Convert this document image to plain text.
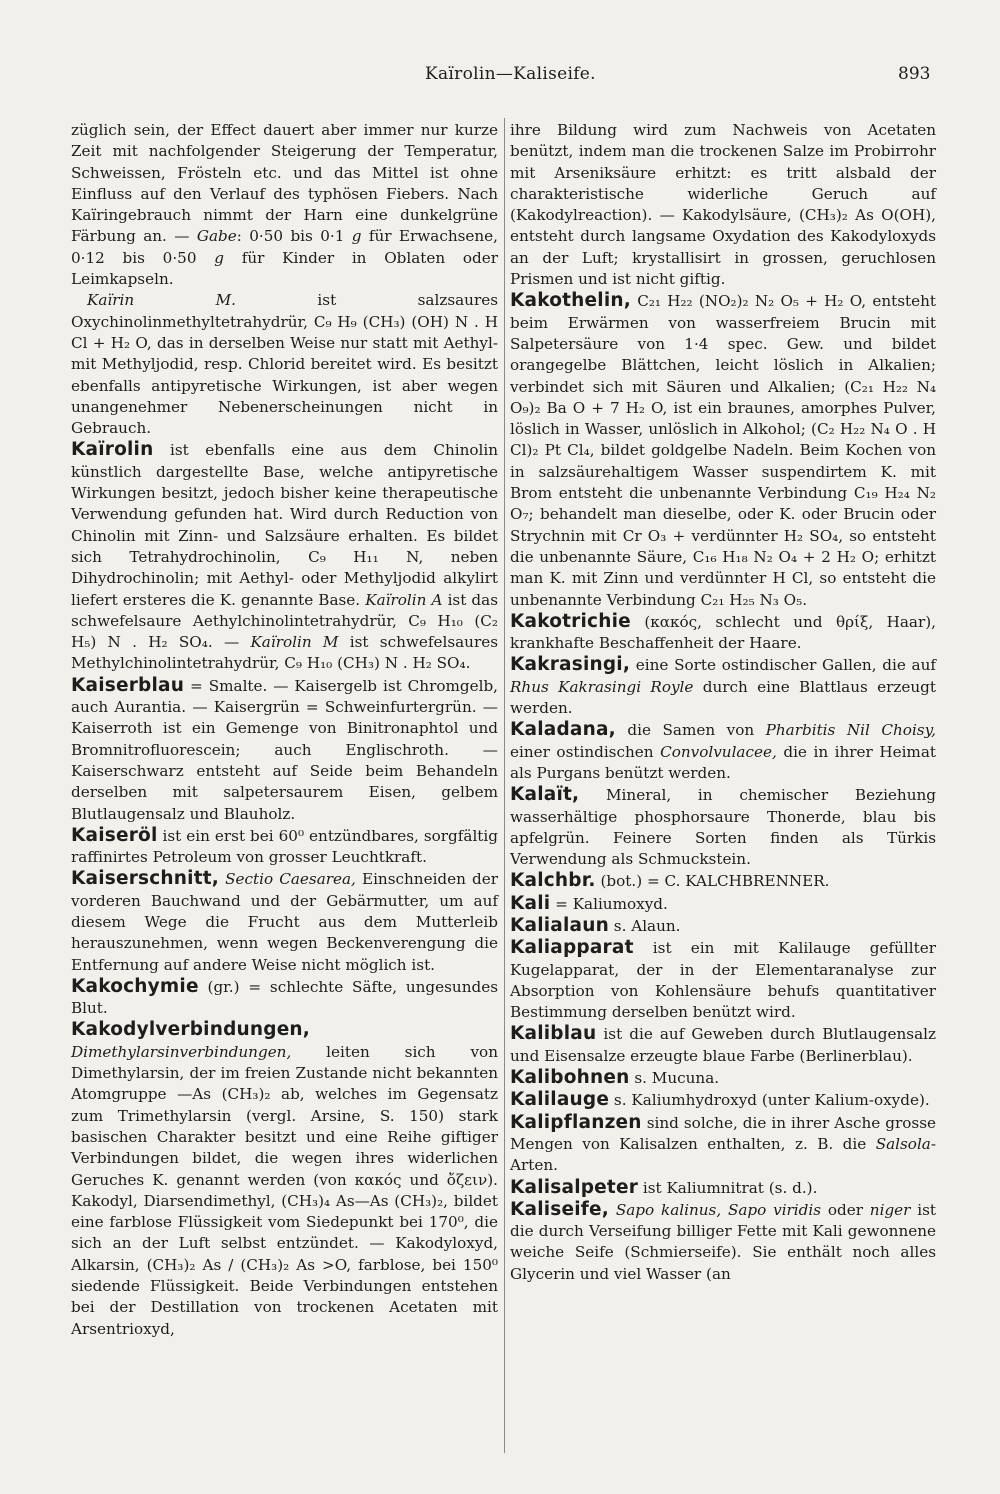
Kaïrolin—Kaliseife.	893

züglich sein, der Effect dauert aber immer nur kurze Zeit mit nachfolgender Steigerung der Temperatur, Schweissen, Frösteln etc. und das Mittel ist ohne Einfluss auf den Verlauf des typhösen Fiebers. Nach Kaïringebrauch nimmt der Harn eine dunkelgrüne Färbung an. — Gabe: 0·50 bis 0·1 g für Erwachsene, 0·12 bis 0·50 g für Kinder in Oblaten oder Leimkapseln.

Kaïrin M. ist salzsaures Oxychinolinmethyltetrahydrür, C₉ H₉ (CH₃) (OH) N . H Cl + H₂ O, das in derselben Weise nur statt mit Aethyl- mit Methyljodid, resp. Chlorid bereitet wird. Es besitzt ebenfalls antipyretische Wirkungen, ist aber wegen unangenehmer Nebenerscheinungen nicht in Gebrauch.

Kaïrolin ist ebenfalls eine aus dem Chinolin künstlich dargestellte Base, welche antipyretische Wirkungen besitzt, jedoch bisher keine therapeutische Verwendung gefunden hat. Wird durch Reduction von Chinolin mit Zinn- und Salzsäure erhalten. Es bildet sich Tetrahydrochinolin, C₉ H₁₁ N, neben Dihydrochinolin; mit Aethyl- oder Methyljodid alkylirt liefert ersteres die K. genannte Base. Kaïrolin A ist das schwefelsaure Aethylchinolintetrahydrür, C₉ H₁₀ (C₂ H₅) N . H₂ SO₄. — Kaïrolin M ist schwefelsaures Methylchinolintetrahydrür, C₉ H₁₀ (CH₃) N . H₂ SO₄.

Kaiserblau = Smalte. — Kaisergelb ist Chromgelb, auch Aurantia. — Kaisergrün = Schweinfurtergrün. — Kaiserroth ist ein Gemenge von Binitronaphtol und Bromnitrofluorescein; auch Englischroth. — Kaiserschwarz entsteht auf Seide beim Behandeln derselben mit salpetersaurem Eisen, gelbem Blutlaugensalz und Blauholz.

Kaiseröl ist ein erst bei 60⁰ entzündbares, sorgfältig raffinirtes Petroleum von grosser Leuchtkraft.

Kaiserschnitt, Sectio Caesarea, Einschneiden der vorderen Bauchwand und der Gebärmutter, um auf diesem Wege die Frucht aus dem Mutterleib herauszunehmen, wenn wegen Beckenverengung die Entfernung auf andere Weise nicht möglich ist.

Kakochymie (gr.) = schlechte Säfte, ungesundes Blut.

Kakodylverbindungen, Dimethylarsinverbindungen, leiten sich von Dimethylarsin, der im freien Zustande nicht bekannten Atomgruppe —As (CH₃)₂ ab, welches im Gegensatz zum Trimethylarsin (vergl. Arsine, S. 150) stark basischen Charakter besitzt und eine Reihe giftiger Verbindungen bildet, die wegen ihres widerlichen Geruches K. genannt werden (von κακός und ὄζειν). Kakodyl, Diarsendimethyl, (CH₃)₄ As—As (CH₃)₂, bildet eine farblose Flüssigkeit vom Siedepunkt bei 170⁰, die sich an der Luft selbst entzündet. — Kakodyloxyd, Alkarsin, (CH₃)₂ As / (CH₃)₂ As >O, farblose, bei 150⁰ siedende Flüssigkeit. Beide Verbindungen entstehen bei der Destillation von trockenen Acetaten mit Arsentrioxyd,

ihre Bildung wird zum Nachweis von Acetaten benützt, indem man die trockenen Salze im Probirrohr mit Arseniksäure erhitzt: es tritt alsbald der charakteristische widerliche Geruch auf (Kakodylreaction). — Kakodylsäure, (CH₃)₂ As O(OH), entsteht durch langsame Oxydation des Kakodyloxyds an der Luft; krystallisirt in grossen, geruchlosen Prismen und ist nicht giftig.

Kakothelin, C₂₁ H₂₂ (NO₂)₂ N₂ O₅ + H₂ O, entsteht beim Erwärmen von wasserfreiem Brucin mit Salpetersäure von 1·4 spec. Gew. und bildet orangegelbe Blättchen, leicht löslich in Alkalien; verbindet sich mit Säuren und Alkalien; (C₂₁ H₂₂ N₄ O₉)₂ Ba O + 7 H₂ O, ist ein braunes, amorphes Pulver, löslich in Wasser, unlöslich in Alkohol; (C₂ H₂₂ N₄ O . H Cl)₂ Pt Cl₄, bildet goldgelbe Nadeln. Beim Kochen von in salzsäurehaltigem Wasser suspendirtem K. mit Brom entsteht die unbenannte Verbindung C₁₉ H₂₄ N₂ O₇; behandelt man dieselbe, oder K. oder Brucin oder Strychnin mit Cr O₃ + verdünnter H₂ SO₄, so entsteht die unbenannte Säure, C₁₆ H₁₈ N₂ O₄ + 2 H₂ O; erhitzt man K. mit Zinn und verdünnter H Cl, so entsteht die unbenannte Verbindung C₂₁ H₂₅ N₃ O₅.

Kakotrichie (κακός, schlecht und θρίξ, Haar), krankhafte Beschaffenheit der Haare.

Kakrasingi, eine Sorte ostindischer Gallen, die auf Rhus Kakrasingi Royle durch eine Blattlaus erzeugt werden.

Kaladana, die Samen von Pharbitis Nil Choisy, einer ostindischen Convolvulacee, die in ihrer Heimat als Purgans benützt werden.

Kalaït, Mineral, in chemischer Beziehung wasserhältige phosphorsaure Thonerde, blau bis apfelgrün. Feinere Sorten finden als Türkis Verwendung als Schmuckstein.

Kalchbr. (bot.) = C. KALCHBRENNER.

Kali = Kaliumoxyd.

Kalialaun s. Alaun.

Kaliapparat ist ein mit Kalilauge gefüllter Kugelapparat, der in der Elementaranalyse zur Absorption von Kohlensäure behufs quantitativer Bestimmung derselben benützt wird.

Kaliblau ist die auf Geweben durch Blutlaugensalz und Eisensalze erzeugte blaue Farbe (Berlinerblau).

Kalibohnen s. Mucuna.

Kalilauge s. Kaliumhydroxyd (unter Kalium-oxyde).

Kalipflanzen sind solche, die in ihrer Asche grosse Mengen von Kalisalzen enthalten, z. B. die Salsola-Arten.

Kalisalpeter ist Kaliumnitrat (s. d.).

Kaliseife, Sapo kalinus, Sapo viridis oder niger ist die durch Verseifung billiger Fette mit Kali gewonnene weiche Seife (Schmierseife). Sie enthält noch alles Glycerin und viel Wasser (an
